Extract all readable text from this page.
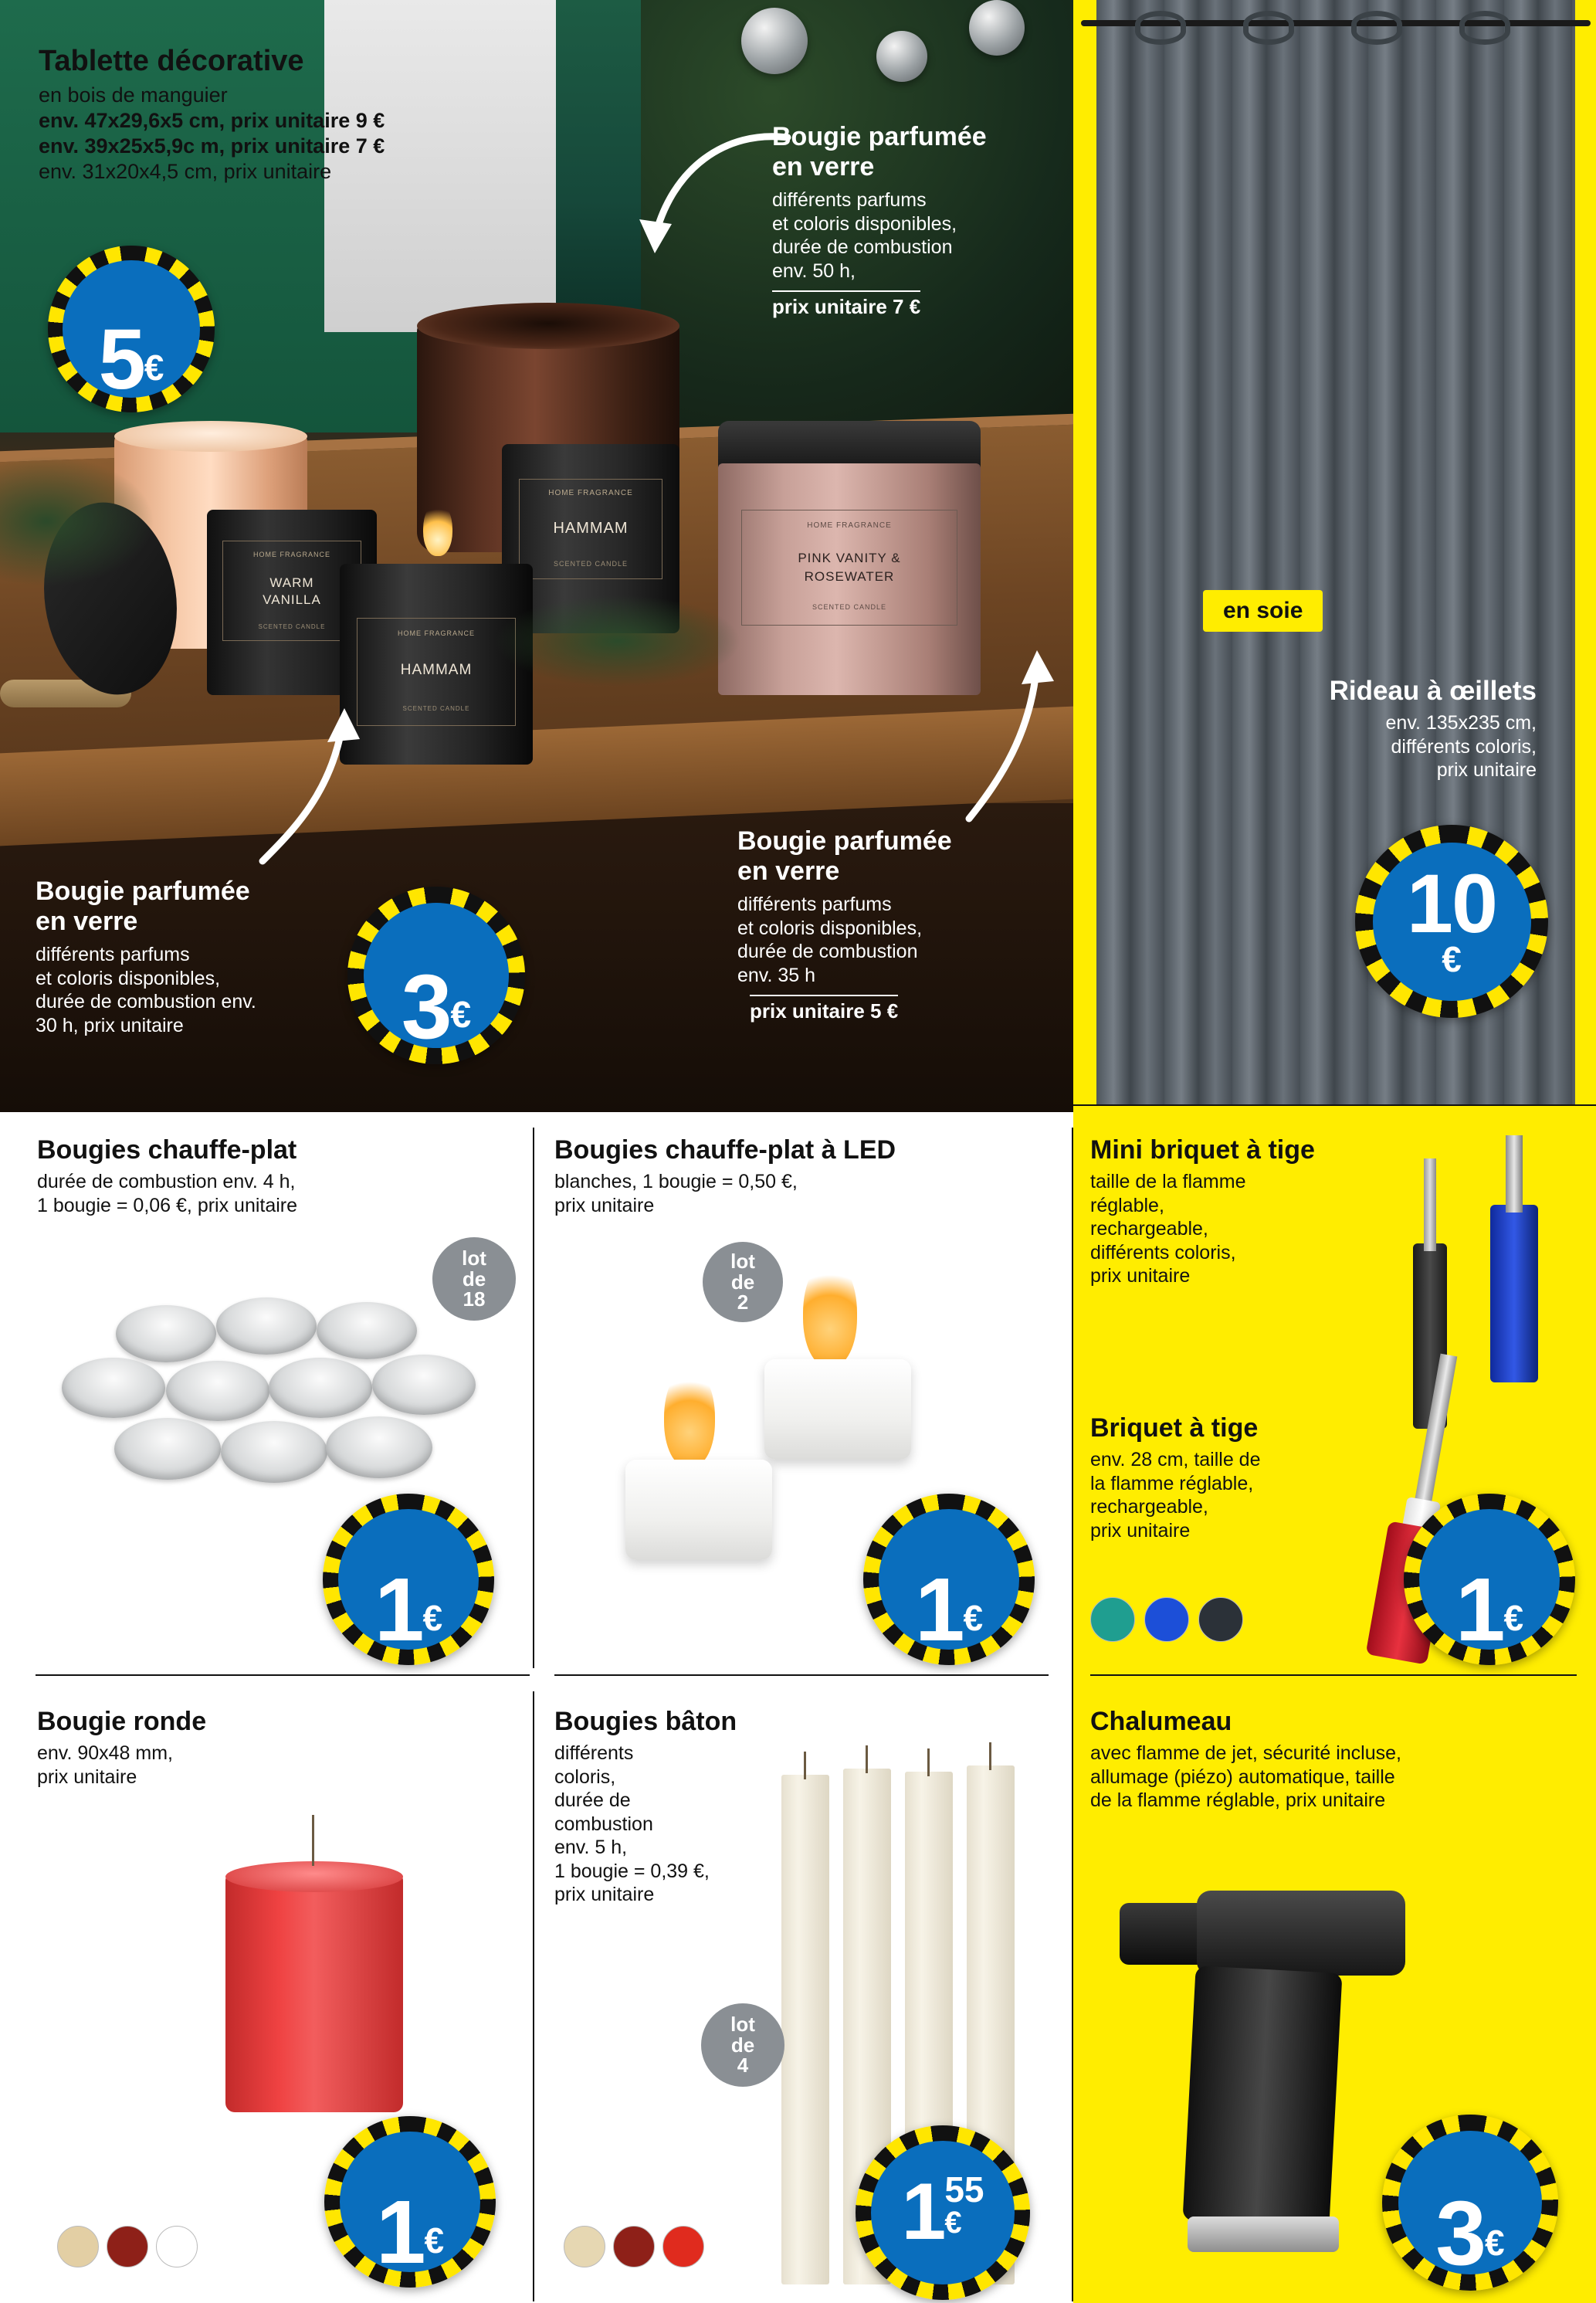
HOME FRAGRANCE
HAMMAM
SCENTED CANDLE
HOME FRAGRANCE
WARM
VANILLA
SCENTED CANDLE
HOME FRAGRANCE
HAMMAM
SCENTED CANDLE
HOME FRAGRANCE
PINK VANITY &
ROSEWATER
SCENTED CANDLE
Tablette décorative
en bois de manguier
env. 47x29,6x5 cm, prix unitaire 9 €
env. 39x25x5,9c m, prix unitaire 7 €
env. 31x20x4,5 cm, prix unitaire
5 €
Bougie parfumée
en verre
différents parfums
et coloris disponibles,
durée de combustion
env. 50 h,
prix unitaire 7 €
Bougie parfumée
en verre
différents parfums
et coloris disponibles,
durée de combustion
env. 35 h
prix unitaire 5 €
Bougie parfumée
en verre
différents parfums
et coloris disponibles,
durée de combustion env.
30 h, prix unitaire	3 €
en soie
Rideau à œillets
env. 135x235 cm,
différents coloris,
prix unitaire
10
€
Bougies chauffe-plat
durée de combustion env. 4 h,
1 bougie = 0,06 €, prix unitaire
lot
de
18
1 €
Bougies chauffe-plat à LED
blanches, 1 bougie = 0,50 €,
prix unitaire
lot
de
2
1 €
Bougie ronde
env. 90x48 mm,
prix unitaire
1 €
Bougies bâton
différents
coloris,
durée de
combustion
env. 5 h,
1 bougie = 0,39 €,
prix unitaire
lot
de
4
1 55
€
Mini briquet à tige
taille de la flamme
réglable,
rechargeable,
différents coloris,
prix unitaire
Briquet à tige
env. 28 cm, taille de
la flamme réglable,
rechargeable,
prix unitaire
1 €
Chalumeau
avec flamme de jet, sécurité incluse,
allumage (piézo) automatique, taille
de la flamme réglable, prix unitaire
3 €
